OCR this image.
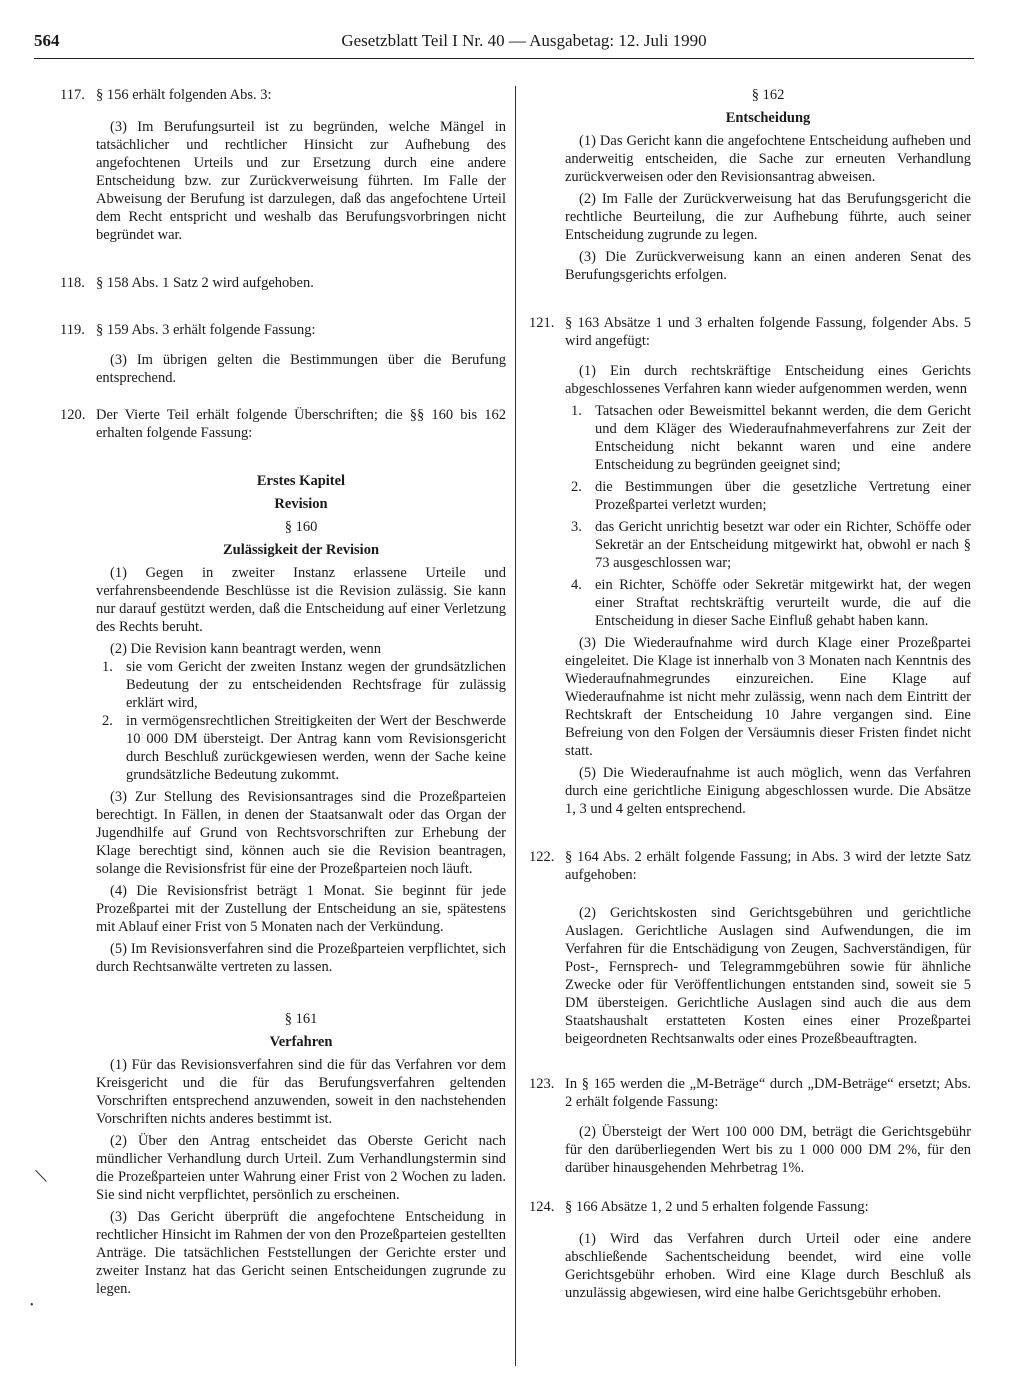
564	Gesetzblatt Teil I Nr. 40 — Ausgabetag: 12. Juli 1990
117. § 156 erhält folgenden Abs. 3:

(3) Im Berufungsurteil ist zu begründen, welche Mängel in tatsächlicher und rechtlicher Hinsicht zur Aufhebung des angefochtenen Urteils und zur Ersetzung durch eine andere Entscheidung bzw. zur Zurückverweisung führten. Im Falle der Abweisung der Berufung ist darzulegen, daß das angefochtene Urteil dem Recht entspricht und weshalb das Berufungsvorbringen nicht begründet war.

118. § 158 Abs. 1 Satz 2 wird aufgehoben.

119. § 159 Abs. 3 erhält folgende Fassung:

(3) Im übrigen gelten die Bestimmungen über die Berufung entsprechend.

120. Der Vierte Teil erhält folgende Überschriften; die §§ 160 bis 162 erhalten folgende Fassung:

Erstes Kapitel

Revision

§ 160

Zulässigkeit der Revision

(1) Gegen in zweiter Instanz erlassene Urteile und verfahrensbeendende Beschlüsse ist die Revision zulässig. Sie kann nur darauf gestützt werden, daß die Entscheidung auf einer Verletzung des Rechts beruht.

(2) Die Revision kann beantragt werden, wenn

1. sie vom Gericht der zweiten Instanz wegen der grundsätzlichen Bedeutung der zu entscheidenden Rechtsfrage für zulässig erklärt wird,
2. in vermögensrechtlichen Streitigkeiten der Wert der Beschwerde 10 000 DM übersteigt. Der Antrag kann vom Revisionsgericht durch Beschluß zurückgewiesen werden, wenn der Sache keine grundsätzliche Bedeutung zukommt.

(3) Zur Stellung des Revisionsantrages sind die Prozeßparteien berechtigt. In Fällen, in denen der Staatsanwalt oder das Organ der Jugendhilfe auf Grund von Rechtsvorschriften zur Erhebung der Klage berechtigt sind, können auch sie die Revision beantragen, solange die Revisionsfrist für eine der Prozeßparteien noch läuft.

(4) Die Revisionsfrist beträgt 1 Monat. Sie beginnt für jede Prozeßpartei mit der Zustellung der Entscheidung an sie, spätestens mit Ablauf einer Frist von 5 Monaten nach der Verkündung.

(5) Im Revisionsverfahren sind die Prozeßparteien verpflichtet, sich durch Rechtsanwälte vertreten zu lassen.

§ 161

Verfahren

(1) Für das Revisionsverfahren sind die für das Verfahren vor dem Kreisgericht und die für das Berufungsverfahren geltenden Vorschriften entsprechend anzuwenden, soweit in den nachstehenden Vorschriften nichts anderes bestimmt ist.

(2) Über den Antrag entscheidet das Oberste Gericht nach mündlicher Verhandlung durch Urteil. Zum Verhandlungstermin sind die Prozeßparteien unter Wahrung einer Frist von 2 Wochen zu laden. Sie sind nicht verpflichtet, persönlich zu erscheinen.

(3) Das Gericht überprüft die angefochtene Entscheidung in rechtlicher Hinsicht im Rahmen der von den Prozeßparteien gestellten Anträge. Die tatsächlichen Feststellungen der Gerichte erster und zweiter Instanz hat das Gericht seinen Entscheidungen zugrunde zu legen.

§ 162

Entscheidung

(1) Das Gericht kann die angefochtene Entscheidung aufheben und anderweitig entscheiden, die Sache zur erneuten Verhandlung zurückverweisen oder den Revisionsantrag abweisen.

(2) Im Falle der Zurückverweisung hat das Berufungsgericht die rechtliche Beurteilung, die zur Aufhebung führte, auch seiner Entscheidung zugrunde zu legen.

(3) Die Zurückverweisung kann an einen anderen Senat des Berufungsgerichts erfolgen.

121. § 163 Absätze 1 und 3 erhalten folgende Fassung, folgender Abs. 5 wird angefügt:

(1) Ein durch rechtskräftige Entscheidung eines Gerichts abgeschlossenes Verfahren kann wieder aufgenommen werden, wenn

1. Tatsachen oder Beweismittel bekannt werden, die dem Gericht und dem Kläger des Wiederaufnahmeverfahrens zur Zeit der Entscheidung nicht bekannt waren und eine andere Entscheidung zu begründen geeignet sind;
2. die Bestimmungen über die gesetzliche Vertretung einer Prozeßpartei verletzt wurden;
3. das Gericht unrichtig besetzt war oder ein Richter, Schöffe oder Sekretär an der Entscheidung mitgewirkt hat, obwohl er nach § 73 ausgeschlossen war;
4. ein Richter, Schöffe oder Sekretär mitgewirkt hat, der wegen einer Straftat rechtskräftig verurteilt wurde, die auf die Entscheidung in dieser Sache Einfluß gehabt haben kann.

(3) Die Wiederaufnahme wird durch Klage einer Prozeßpartei eingeleitet. Die Klage ist innerhalb von 3 Monaten nach Kenntnis des Wiederaufnahmegrundes einzureichen. Eine Klage auf Wiederaufnahme ist nicht mehr zulässig, wenn nach dem Eintritt der Rechtskraft der Entscheidung 10 Jahre vergangen sind. Eine Befreiung von den Folgen der Versäumnis dieser Fristen findet nicht statt.

(5) Die Wiederaufnahme ist auch möglich, wenn das Verfahren durch eine gerichtliche Einigung abgeschlossen wurde. Die Absätze 1, 3 und 4 gelten entsprechend.

122. § 164 Abs. 2 erhält folgende Fassung; in Abs. 3 wird der letzte Satz aufgehoben:

(2) Gerichtskosten sind Gerichtsgebühren und gerichtliche Auslagen. Gerichtliche Auslagen sind Aufwendungen, die im Verfahren für die Entschädigung von Zeugen, Sachverständigen, für Post-, Fernsprech- und Telegrammgebühren sowie für ähnliche Zwecke oder für Veröffentlichungen entstanden sind, soweit sie 5 DM übersteigen. Gerichtliche Auslagen sind auch die aus dem Staatshaushalt erstatteten Kosten eines einer Prozeßpartei beigeordneten Rechtsanwalts oder eines Prozeßbeauftragten.

123. In § 165 werden die „M-Beträge“ durch „DM-Beträge“ ersetzt; Abs. 2 erhält folgende Fassung:

(2) Übersteigt der Wert 100 000 DM, beträgt die Gerichtsgebühr für den darüberliegenden Wert bis zu 1 000 000 DM 2%, für den darüber hinausgehenden Mehrbetrag 1%.

124. § 166 Absätze 1, 2 und 5 erhalten folgende Fassung:

(1) Wird das Verfahren durch Urteil oder eine andere abschließende Sachentscheidung beendet, wird eine volle Gerichtsgebühr erhoben. Wird eine Klage durch Beschluß als unzulässig abgewiesen, wird eine halbe Gerichtsgebühr erhoben.

\
•
